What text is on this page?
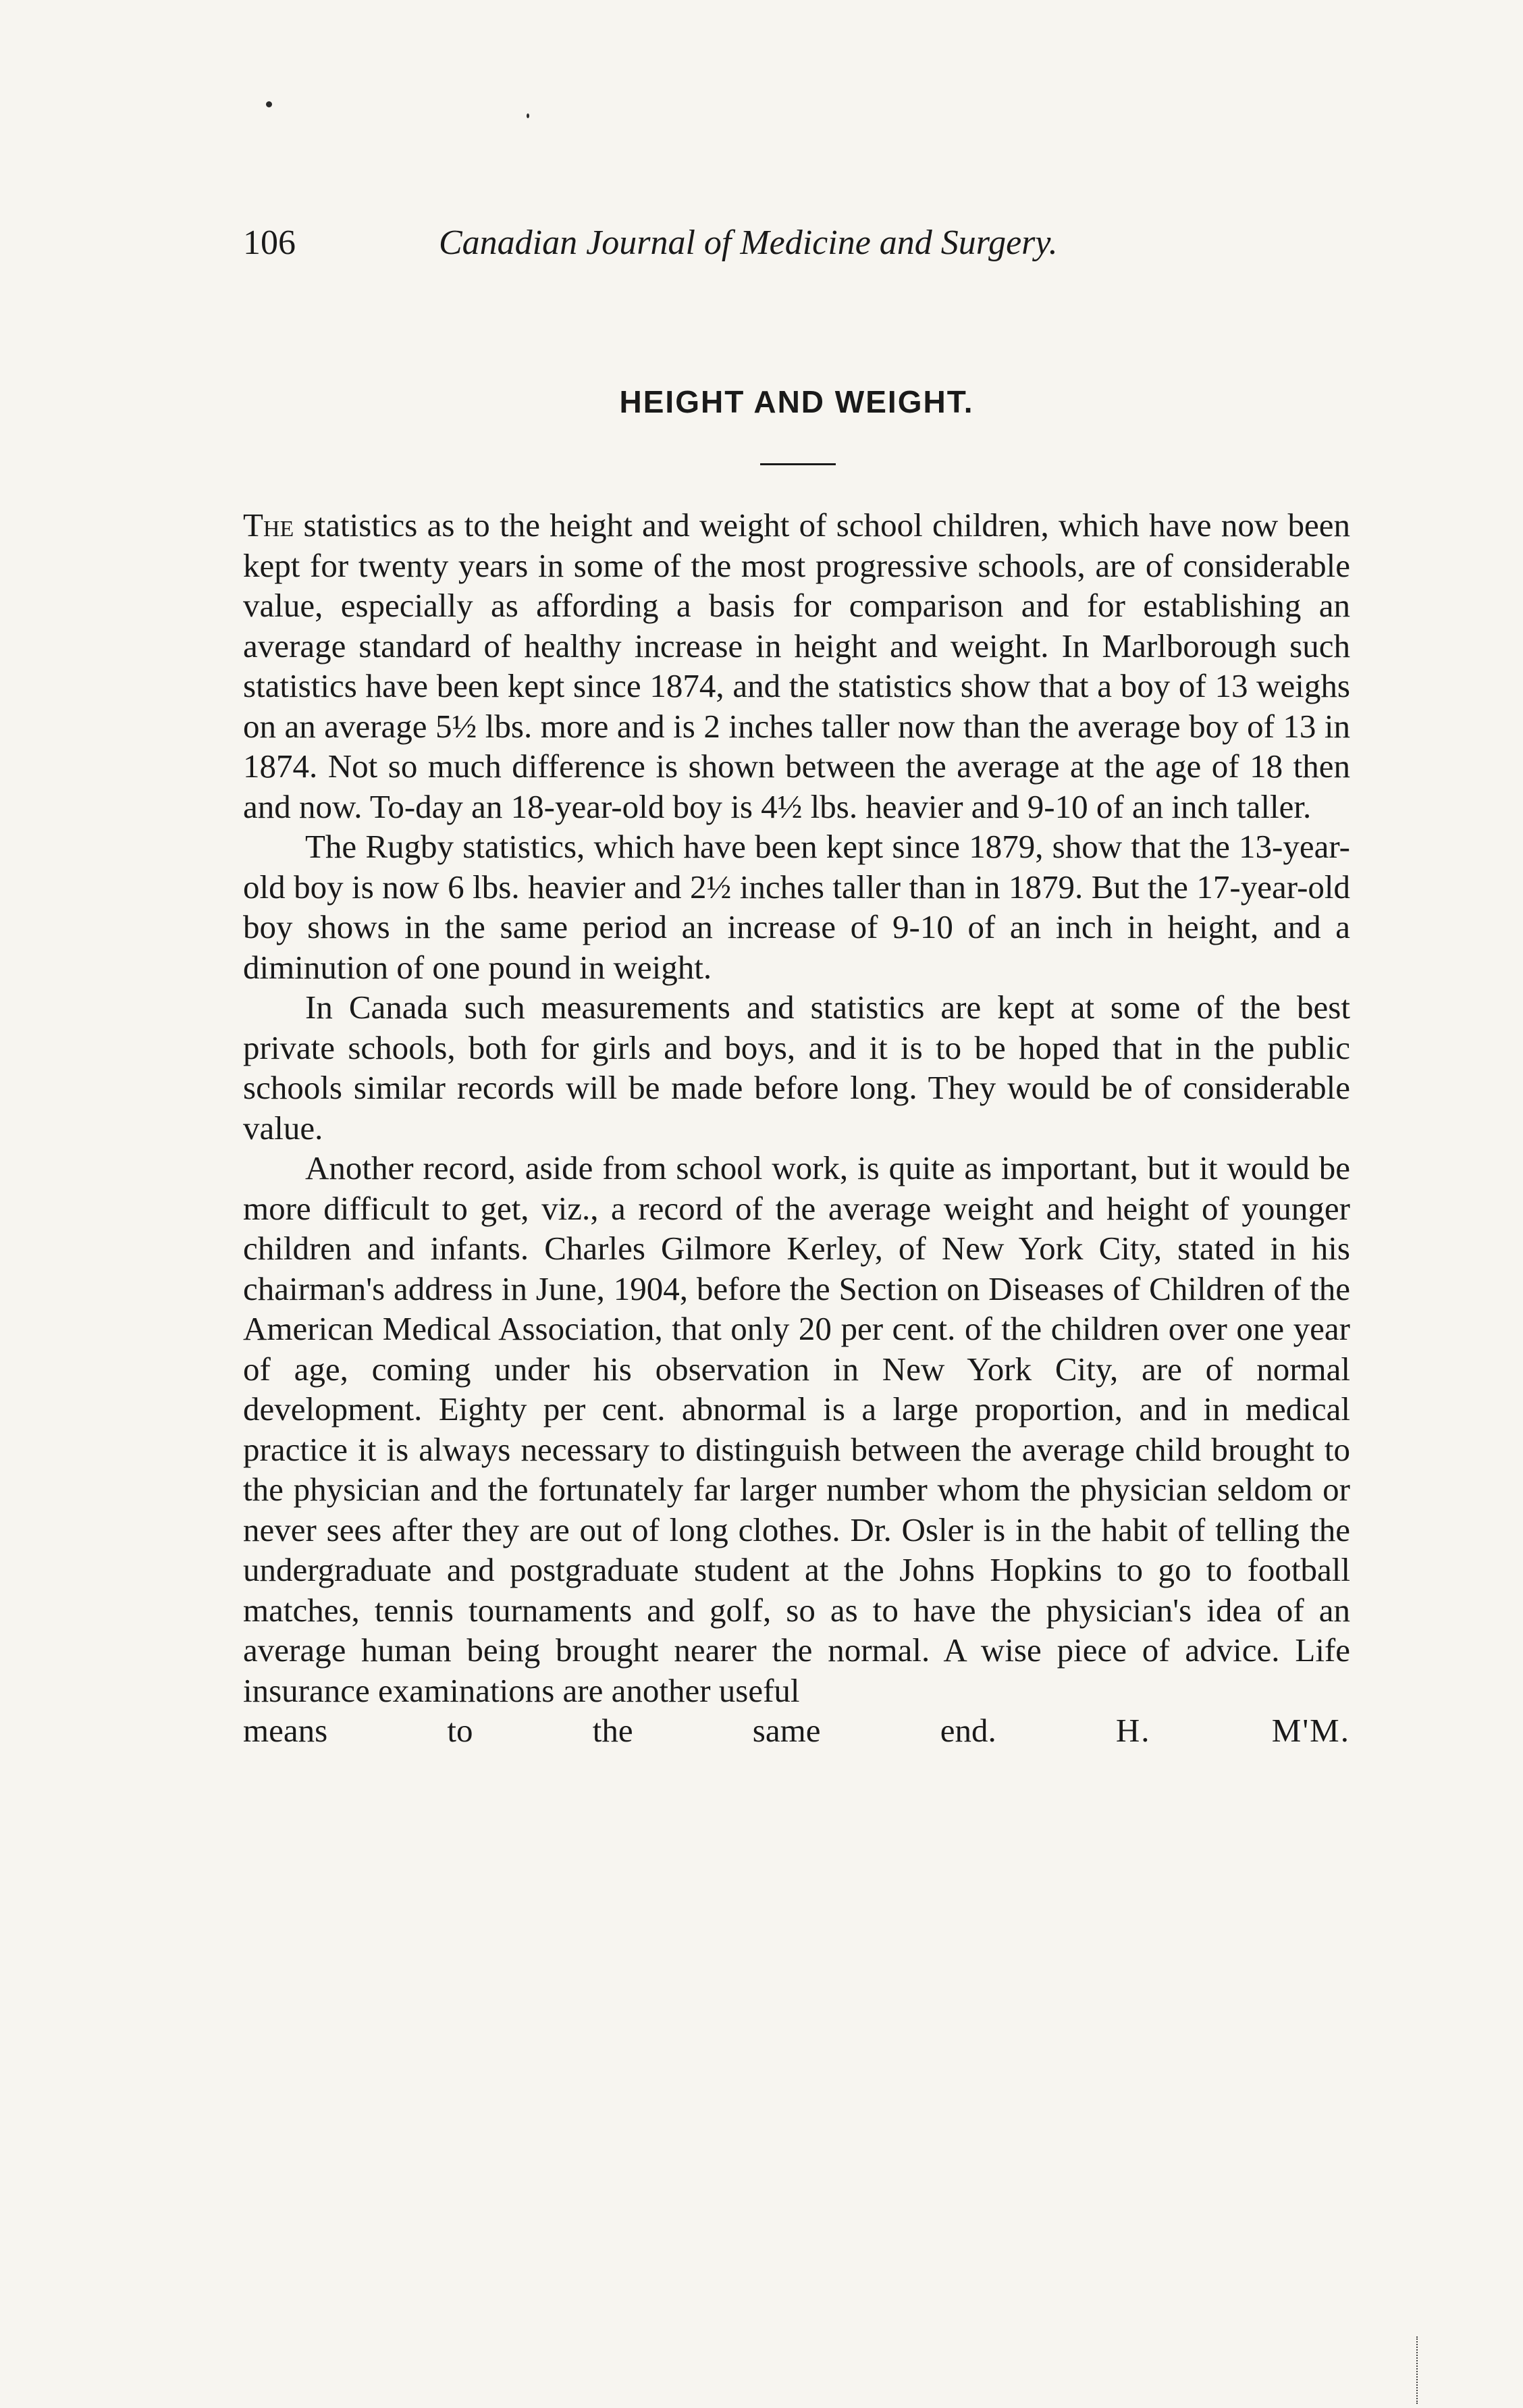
106	Canadian Journal of Medicine and Surgery.
HEIGHT AND WEIGHT.

The statistics as to the height and weight of school children, which have now been kept for twenty years in some of the most progressive schools, are of considerable value, especially as affording a basis for comparison and for establishing an average standard of healthy increase in height and weight. In Marlborough such statistics have been kept since 1874, and the statistics show that a boy of 13 weighs on an average 5½ lbs. more and is 2 inches taller now than the average boy of 13 in 1874. Not so much difference is shown between the average at the age of 18 then and now. To-day an 18-year-old boy is 4½ lbs. heavier and 9-10 of an inch taller.

The Rugby statistics, which have been kept since 1879, show that the 13-year-old boy is now 6 lbs. heavier and 2½ inches taller than in 1879. But the 17-year-old boy shows in the same period an increase of 9-10 of an inch in height, and a diminution of one pound in weight.

In Canada such measurements and statistics are kept at some of the best private schools, both for girls and boys, and it is to be hoped that in the public schools similar records will be made before long. They would be of considerable value.

Another record, aside from school work, is quite as important, but it would be more difficult to get, viz., a record of the average weight and height of younger children and infants. Charles Gilmore Kerley, of New York City, stated in his chairman's address in June, 1904, before the Section on Diseases of Children of the American Medical Association, that only 20 per cent. of the children over one year of age, coming under his observation in New York City, are of normal development. Eighty per cent. abnormal is a large proportion, and in medical practice it is always necessary to distinguish between the average child brought to the physician and the fortunately far larger number whom the physician seldom or never sees after they are out of long clothes. Dr. Osler is in the habit of telling the undergraduate and postgraduate student at the Johns Hopkins to go to football matches, tennis tournaments and golf, so as to have the physician's idea of an average human being brought nearer the normal. A wise piece of advice. Life insurance examinations are another useful

means to the same end.	H. M'M.
